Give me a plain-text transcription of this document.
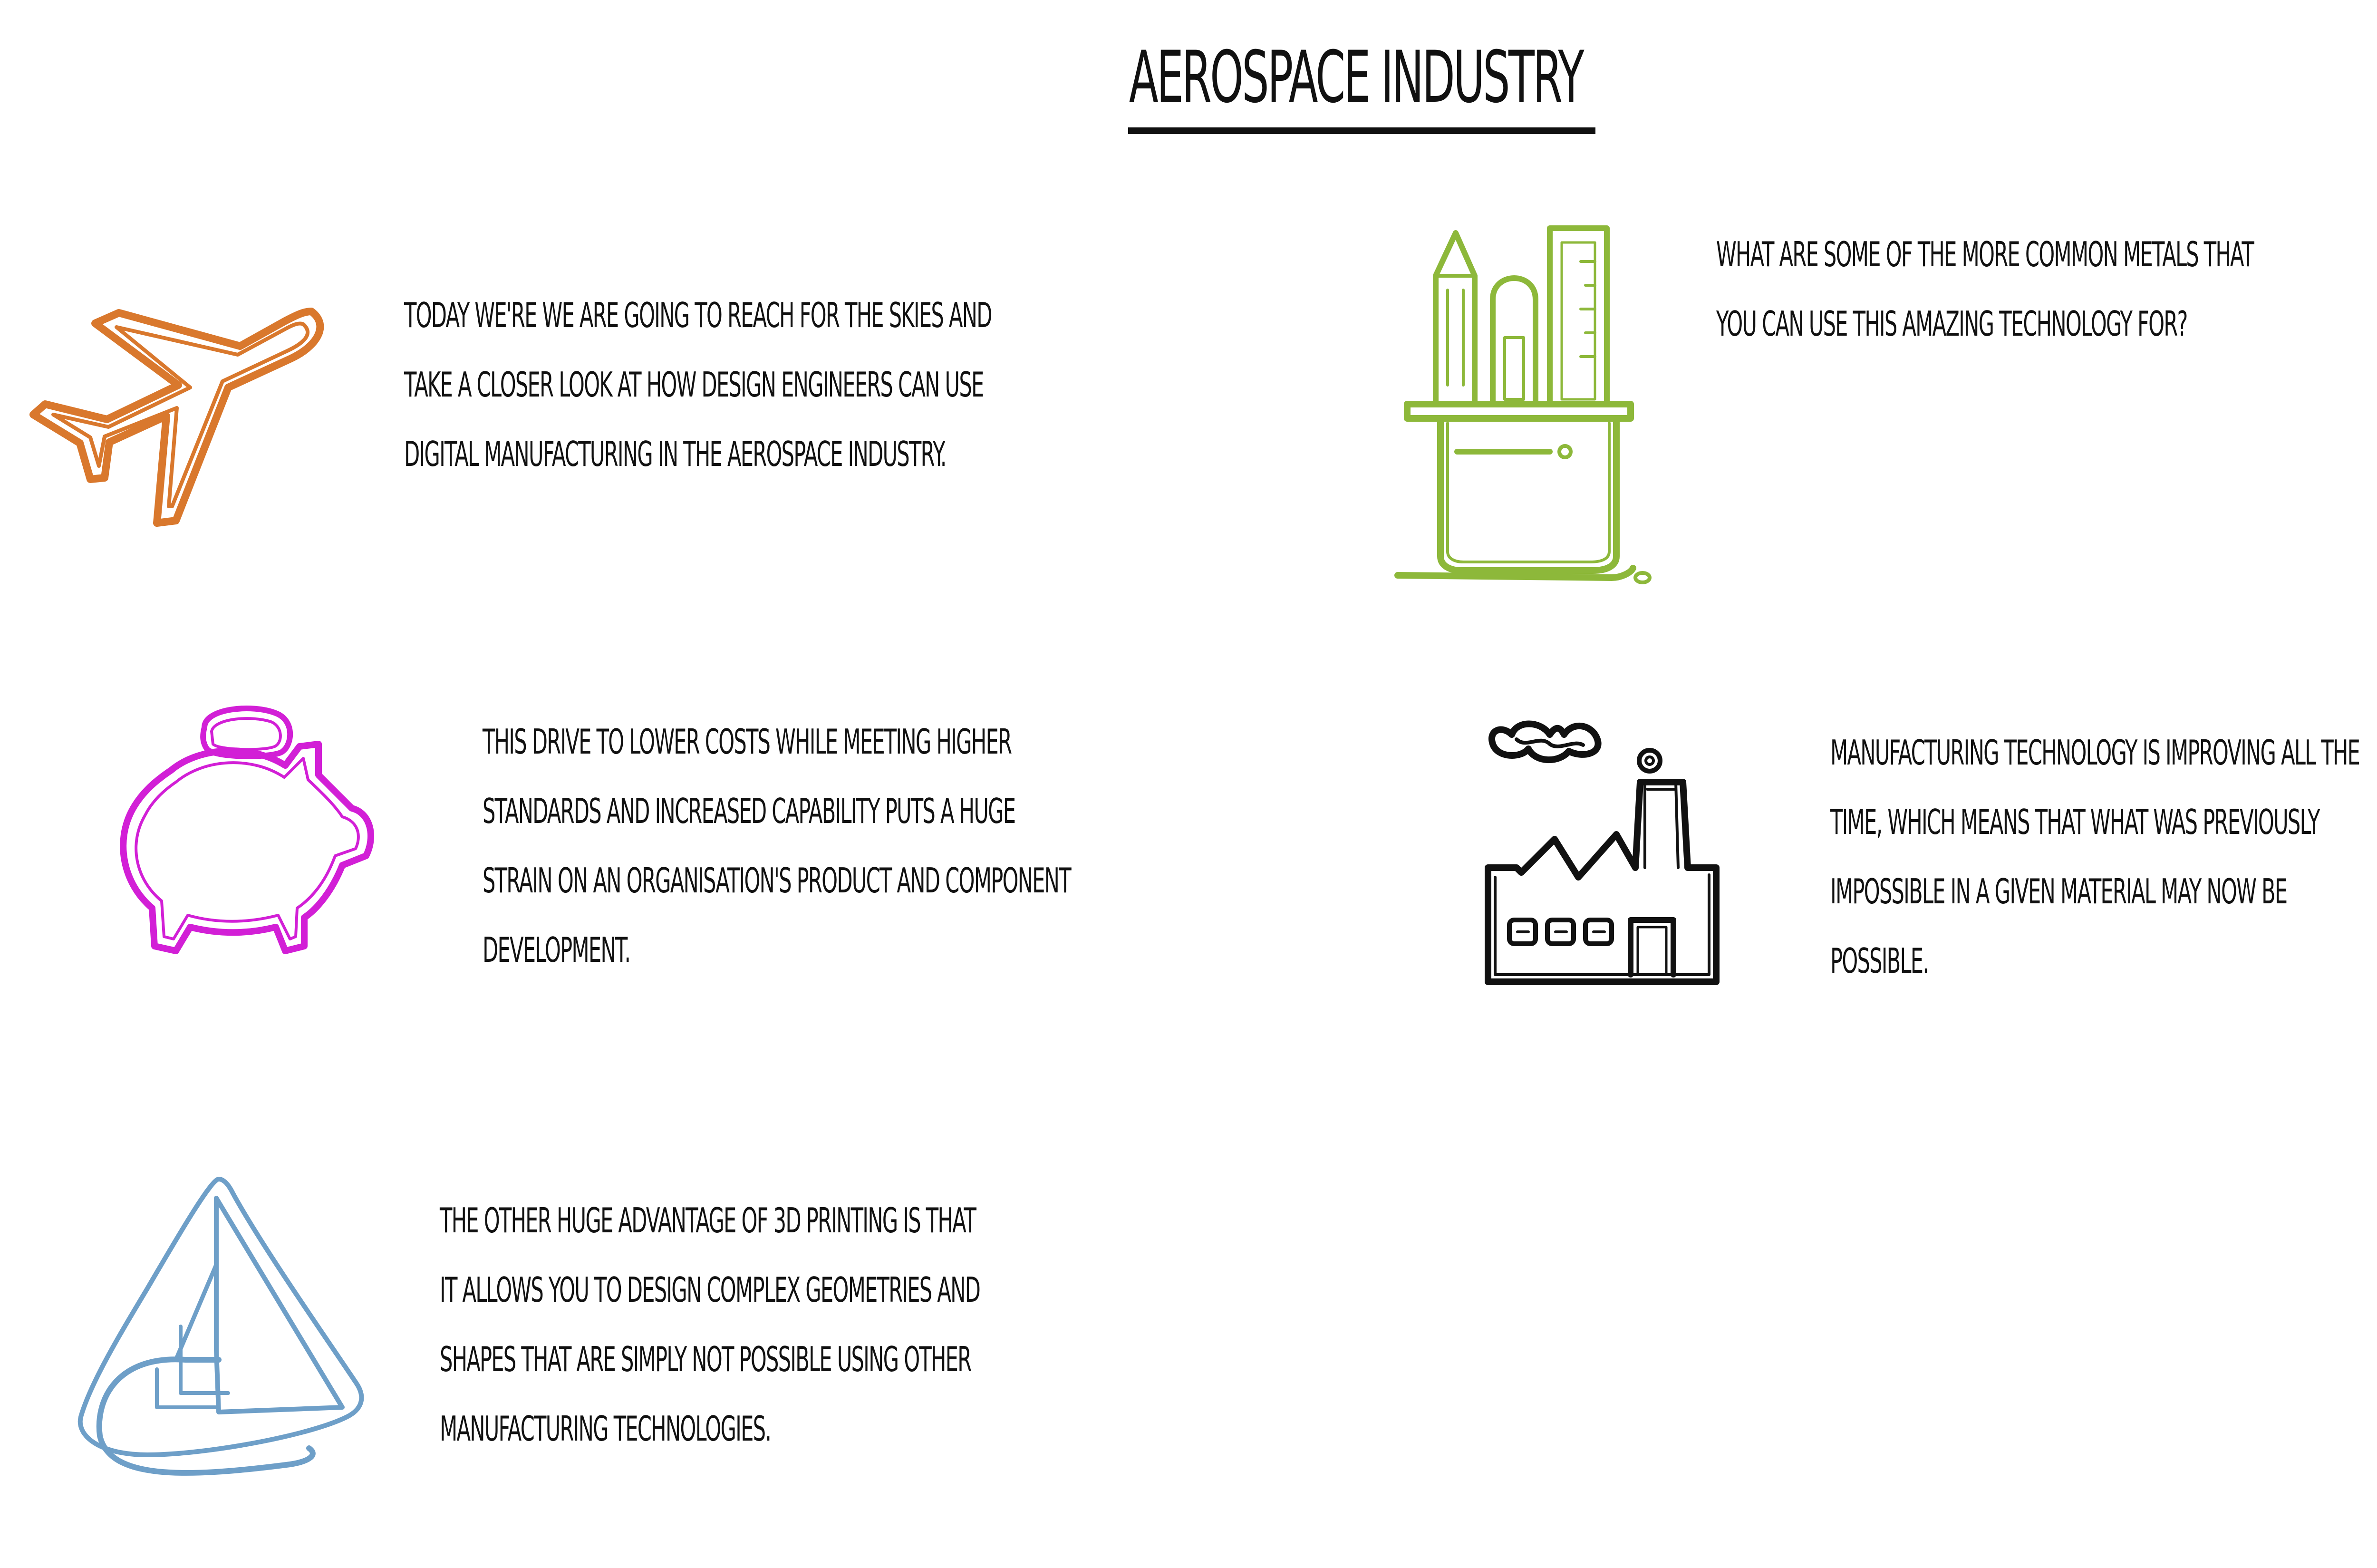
AEROSPACE INDUSTRY

TODAY WE'RE WE ARE GOING TO REACH FOR THE SKIES AND
TAKE A CLOSER LOOK AT HOW DESIGN ENGINEERS CAN USE
DIGITAL MANUFACTURING IN THE AEROSPACE INDUSTRY.

WHAT ARE SOME OF THE MORE COMMON METALS THAT
YOU CAN USE THIS AMAZING TECHNOLOGY FOR?

THIS DRIVE TO LOWER COSTS WHILE MEETING HIGHER
STANDARDS AND INCREASED CAPABILITY PUTS A HUGE
STRAIN ON AN ORGANISATION'S PRODUCT AND COMPONENT
DEVELOPMENT.

MANUFACTURING TECHNOLOGY IS IMPROVING ALL THE
TIME, WHICH MEANS THAT WHAT WAS PREVIOUSLY
IMPOSSIBLE IN A GIVEN MATERIAL MAY NOW BE
POSSIBLE.

THE OTHER HUGE ADVANTAGE OF 3D PRINTING IS THAT
IT ALLOWS YOU TO DESIGN COMPLEX GEOMETRIES AND
SHAPES THAT ARE SIMPLY NOT POSSIBLE USING OTHER
MANUFACTURING TECHNOLOGIES.
